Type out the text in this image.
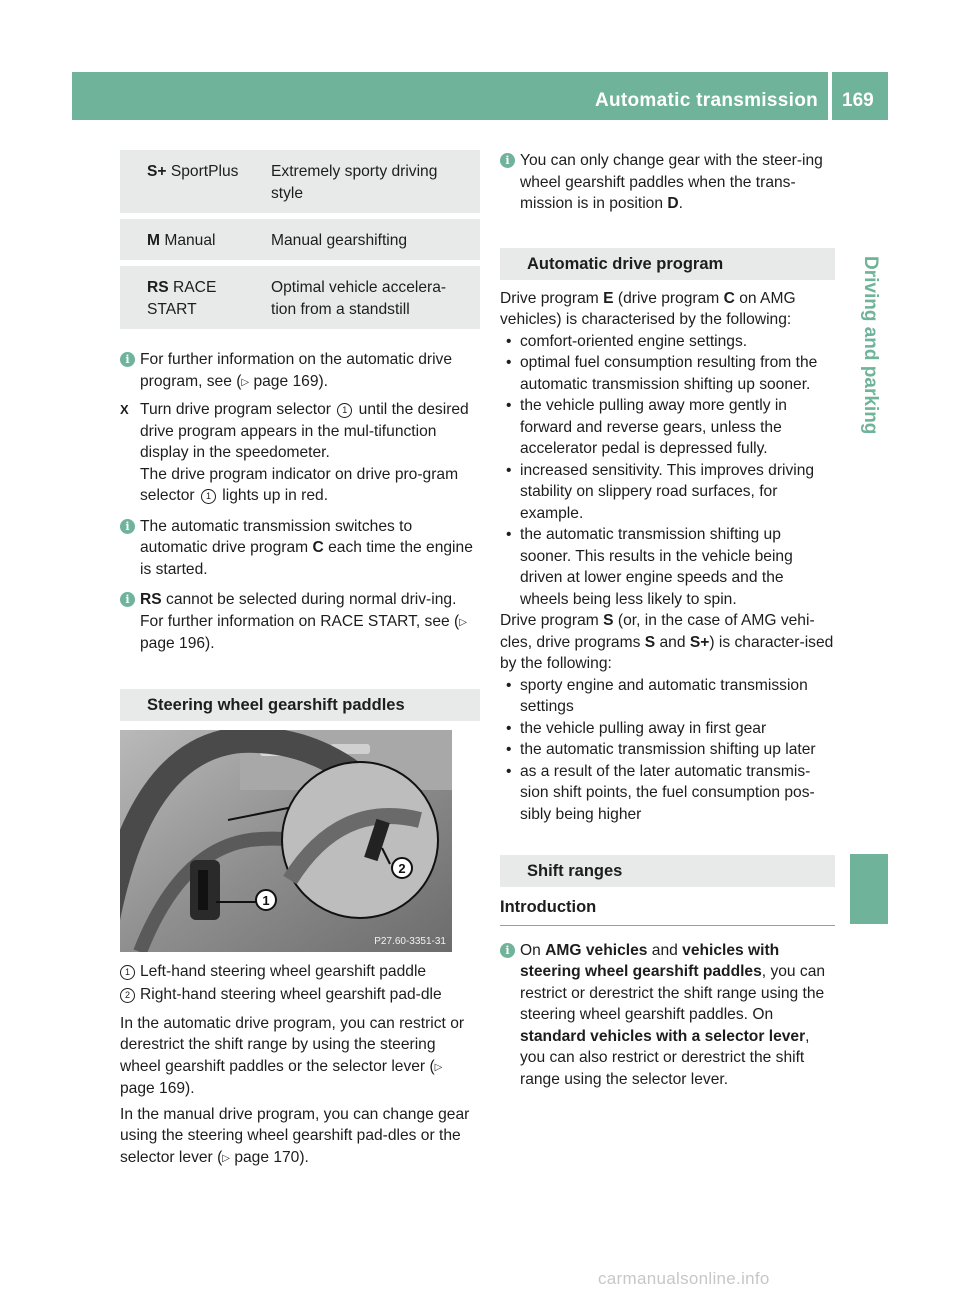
Automatic transmission 169
Driving and parking
S+ SportPlus	Extremely sporty driving style
M Manual	Manual gearshifting
RS RACE START	Optimal vehicle accelera-tion from a standstill

i For further information on the automatic drive program, see (▷ page 169).

X Turn drive program selector 1 until the desired drive program appears in the mul-tifunction display in the speedometer.
The drive program indicator on drive pro-gram selector 1 lights up in red.

i The automatic transmission switches to automatic drive program C each time the engine is started.

i RS cannot be selected during normal driv-ing. For further information on RACE START, see (▷ page 196).

Steering wheel gearshift paddles
2
1
P27.60-3351-31

1 Left-hand steering wheel gearshift paddle

2 Right-hand steering wheel gearshift pad-dle

In the automatic drive program, you can restrict or derestrict the shift range by using the steering wheel gearshift paddles or the selector lever (▷ page 169).

In the manual drive program, you can change gear using the steering wheel gearshift pad-dles or the selector lever (▷ page 170).

i You can only change gear with the steer-ing wheel gearshift paddles when the trans-mission is in position D.

Automatic drive program

Drive program E (drive program C on AMG vehicles) is characterised by the following:

• comfort-oriented engine settings.
• optimal fuel consumption resulting from the automatic transmission shifting up sooner.
• the vehicle pulling away more gently in forward and reverse gears, unless the accelerator pedal is depressed fully.
• increased sensitivity. This improves driving stability on slippery road surfaces, for example.
• the automatic transmission shifting up sooner. This results in the vehicle being driven at lower engine speeds and the wheels being less likely to spin.

Drive program S (or, in the case of AMG vehi-cles, drive programs S and S+) is character-ised by the following:

• sporty engine and automatic transmission settings
• the vehicle pulling away in first gear
• the automatic transmission shifting up later
• as a result of the later automatic transmis-sion shift points, the fuel consumption pos-sibly being higher
Shift ranges
Introduction

i On AMG vehicles and vehicles with steering wheel gearshift paddles, you can restrict or derestrict the shift range using the steering wheel gearshift paddles. On standard vehicles with a selector lever, you can also restrict or derestrict the shift range using the selector lever.

carmanualsonline.info
